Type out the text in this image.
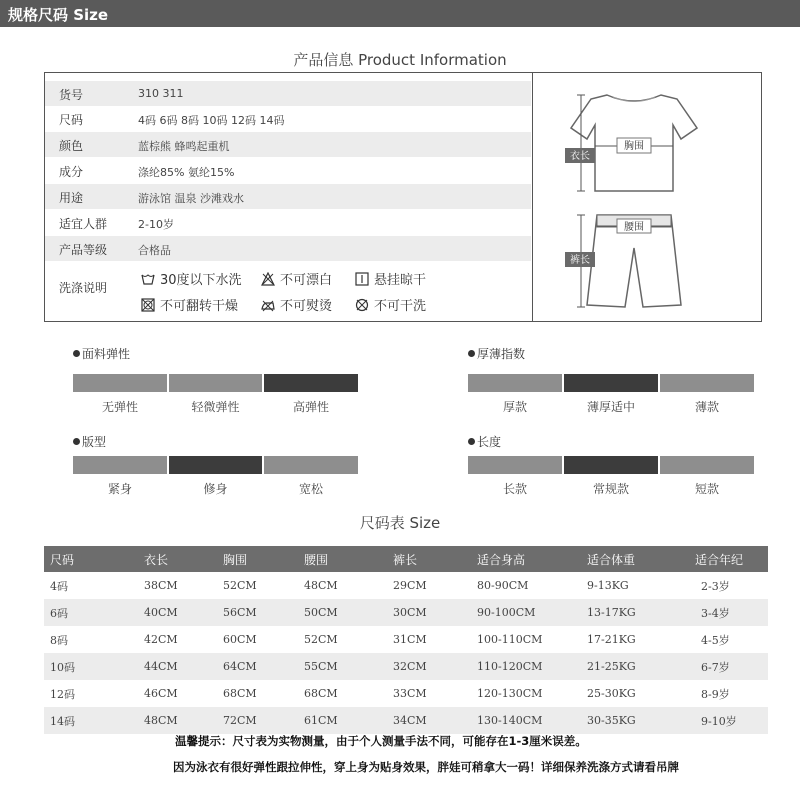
规格尺码 Size
产品信息 Product Information
货号	310 311
尺码	4码 6码 8码 10码 12码 14码
颜色	蓝棕熊 蜂鸣起重机
成分	涤纶85% 氨纶15%
用途	游泳馆 温泉 沙滩戏水
适宜人群	2-10岁
产品等级	合格品
洗涤说明	30度以下水洗	不可漂白	悬挂晾干
不可翻转干燥	不可熨烫	不可干洗
衣长
胸围
腰围
裤长
面料弹性
无弹性	轻微弹性	高弹性
厚薄指数
厚款	薄厚适中	薄款
版型
紧身	修身	宽松
长度
长款	常规款	短款
尺码表 Size
尺码	衣长	胸围	腰围	裤长	适合身高	适合体重	适合年纪
4码	38CM	52CM	48CM	29CM	80-90CM	9-13KG	2-3岁
6码	40CM	56CM	50CM	30CM	90-100CM	13-17KG	3-4岁
8码	42CM	60CM	52CM	31CM	100-110CM	17-21KG	4-5岁
10码	44CM	64CM	55CM	32CM	110-120CM	21-25KG	6-7岁
12码	46CM	68CM	68CM	33CM	120-130CM	25-30KG	8-9岁
14码	48CM	72CM	61CM	34CM	130-140CM	30-35KG	9-10岁
温馨提示：尺寸表为实物测量，由于个人测量手法不同，可能存在1-3厘米误差。
因为泳衣有很好弹性跟拉伸性，穿上身为贴身效果，胖娃可稍拿大一码！详细保养洗涤方式请看吊牌
